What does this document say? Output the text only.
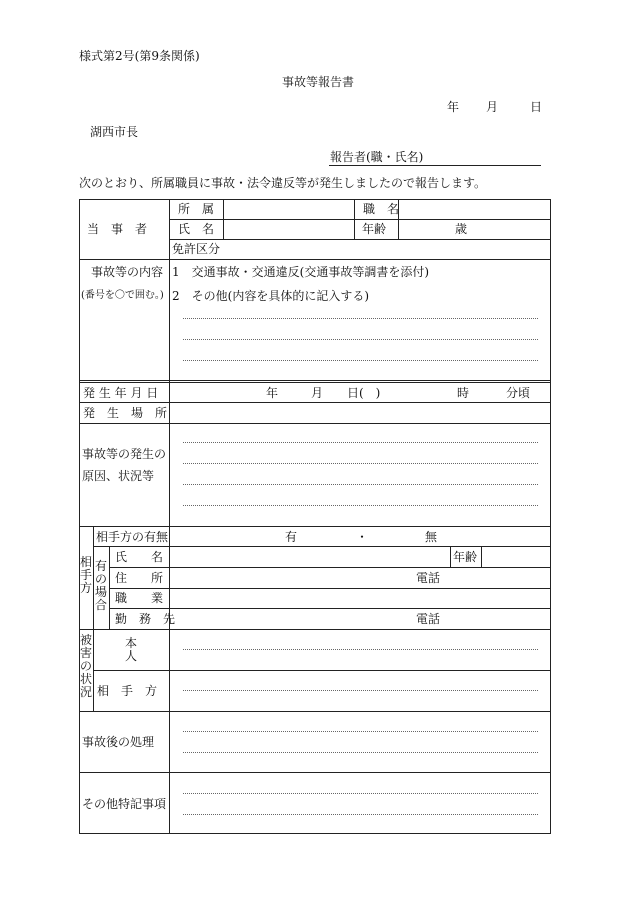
様式第2号(第9条関係)
事故等報告書
年 月	日
湖西市長
報告者(職・氏名)
次のとおり、所属職員に事故・法令違反等が発生しましたので報告します。
当　事　者
所　属	職　名
氏　名	年齢	歳
免許区分
事故等の内容
(番号を〇で囲む。)
1　交通事故・交通違反(交通事故等調書を添付)
2　その他(内容を具体的に記入する)
発 生 年 月 日	年	月 日(　)	時	分頃
発　生　場　所
事故等の発生の
原因、状況等
相手方
相手方の有無	有	・	無
有の場合
氏　　名	年齢
住　　所	電話
職　　業
勤　務　先	電話
被害の状況
本人
相　手　方
事故後の処理
その他特記事項
